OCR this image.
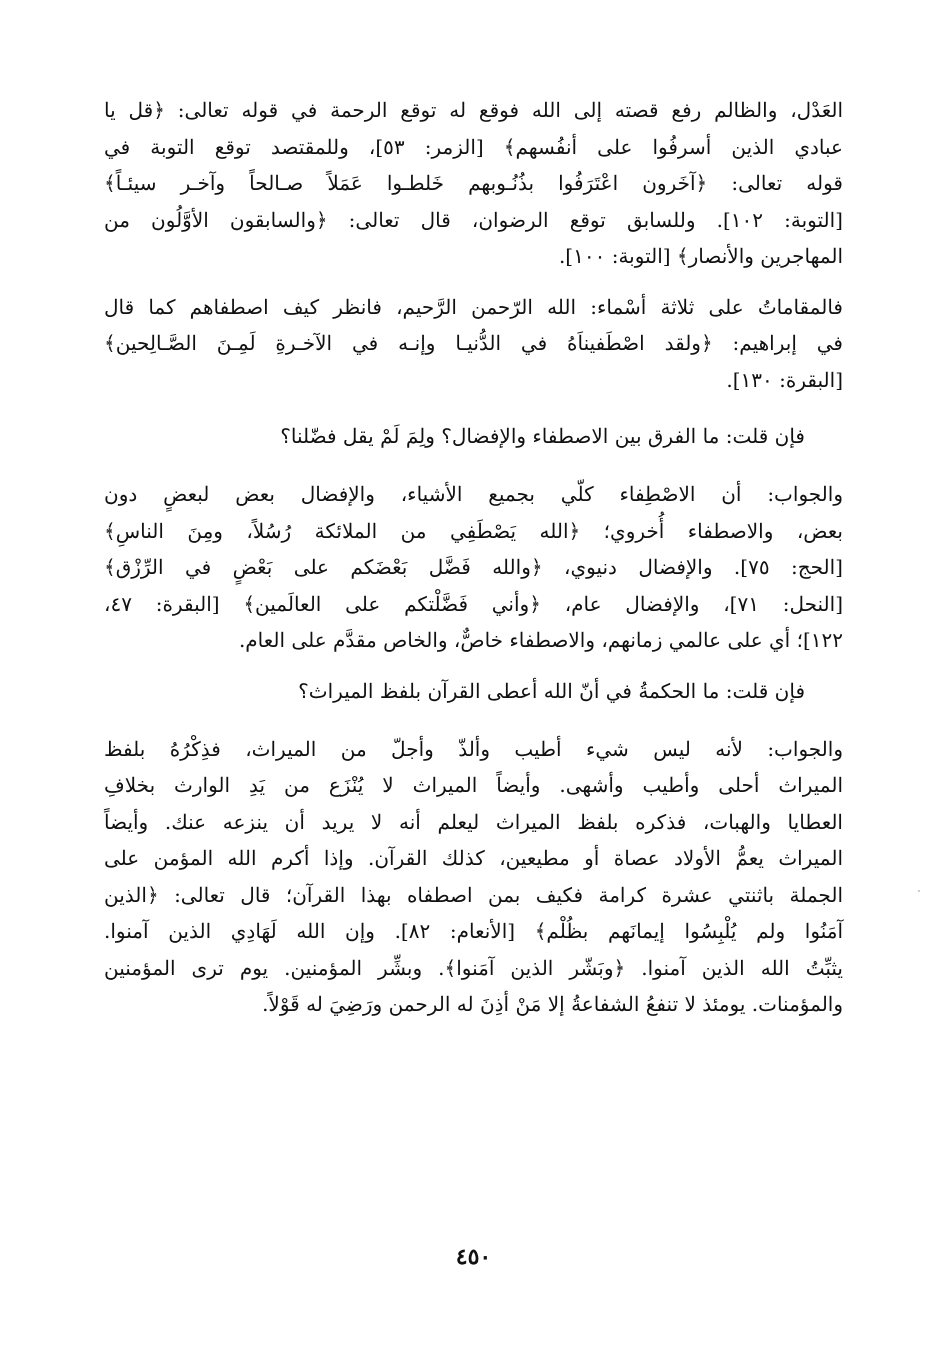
العَدْل، والظالم رفع قصته إلى الله فوقع له توقع الرحمة في قوله تعالى: ﴿قل يا
عبادي الذين أسرفُوا على أنفُسهم﴾ [الزمر: ٥٣]، وللمقتصد توقع التوبة في
قوله تعالى: ﴿آخَرون اعْتَرَفُوا بذُنُـوبهم خَلطـوا عَمَلاً صـالحاً وآخـر سيئـاً﴾
[التوبة: ١٠٢]. وللسابق توقع الرضوان، قال تعالى: ﴿والسابقون الأوَّلُون من
المهاجرين والأنصار﴾ [التوبة: ١٠٠].

فالمقاماتُ على ثلاثة أسْماء: الله الرّحمن الرَّحيم، فانظر كيف اصطفاهم كما قال
في إبراهيم: ﴿ولقد اصْطَفيناَهُ في الدُّنيـا وإنـه في الآخـرةِ لَمِـنَ الصَّـالِحين﴾
[البقرة: ١٣٠].

فإن قلت: ما الفرق بين الاصطفاء والإفضال؟ ولِمَ لَمْ يقل فضّلنا؟

والجواب: أن الاصْطِفاء كلّي بجميع الأشياء، والإفضال بعض لبعضٍ دون
بعض، والاصطفاء أُخروي؛ ﴿الله يَصْطَفِي من الملائكة رُسُلاً، ومِنَ الناسِ﴾
[الحج: ٧٥]. والإفضال دنيوي، ﴿والله فَضَّل بَعْضَكم على بَعْضٍ في الرِّزْق﴾
[النحل: ٧١]، والإفضال عام، ﴿وأني فَضَّلْتكم على العالَمين﴾ [البقرة: ٤٧،
١٢٢]؛ أي على عالمي زمانهم، والاصطفاء خاصٌّ، والخاص مقدَّم على العام.

فإن قلت: ما الحكمةُ في أنّ الله أعطى القرآن بلفظ الميراث؟

والجواب: لأنه ليس شيء أطيب وألذّ وأجلّ من الميراث، فذِكْرُهُ بلفظ
الميراث أحلى وأطيب وأشهى. وأيضاً الميراث لا يُنْزَع من يَدِ الوارث بخلافِ
العطايا والهبات، فذكره بلفظ الميراث ليعلم أنه لا يريد أن ينزعه عنك. وأيضاً
الميراث يعمُّ الأولاد عصاة أو مطيعين، كذلك القرآن. وإذا أكرم الله المؤمن على
الجملة باثنتي عشرة كرامة فكيف بمن اصطفاه بهذا القرآن؛ قال تعالى: ﴿الذين
آمَنُوا ولم يُلْبِسُوا إيمانَهم بظُلْم﴾ [الأنعام: ٨٢]. وإن الله لَهَادِي الذين آمنوا.
يثبِّتُ الله الذين آمنوا. ﴿وبَشّر الذين آمَنوا﴾. وبشِّر المؤمنين. يوم ترى المؤمنين
والمؤمنات. يومئذ لا تنفعُ الشفاعةُ إلا مَنْ أذِنَ له الرحمن ورَضِيَ له قَوْلاً.

٤٥٠
